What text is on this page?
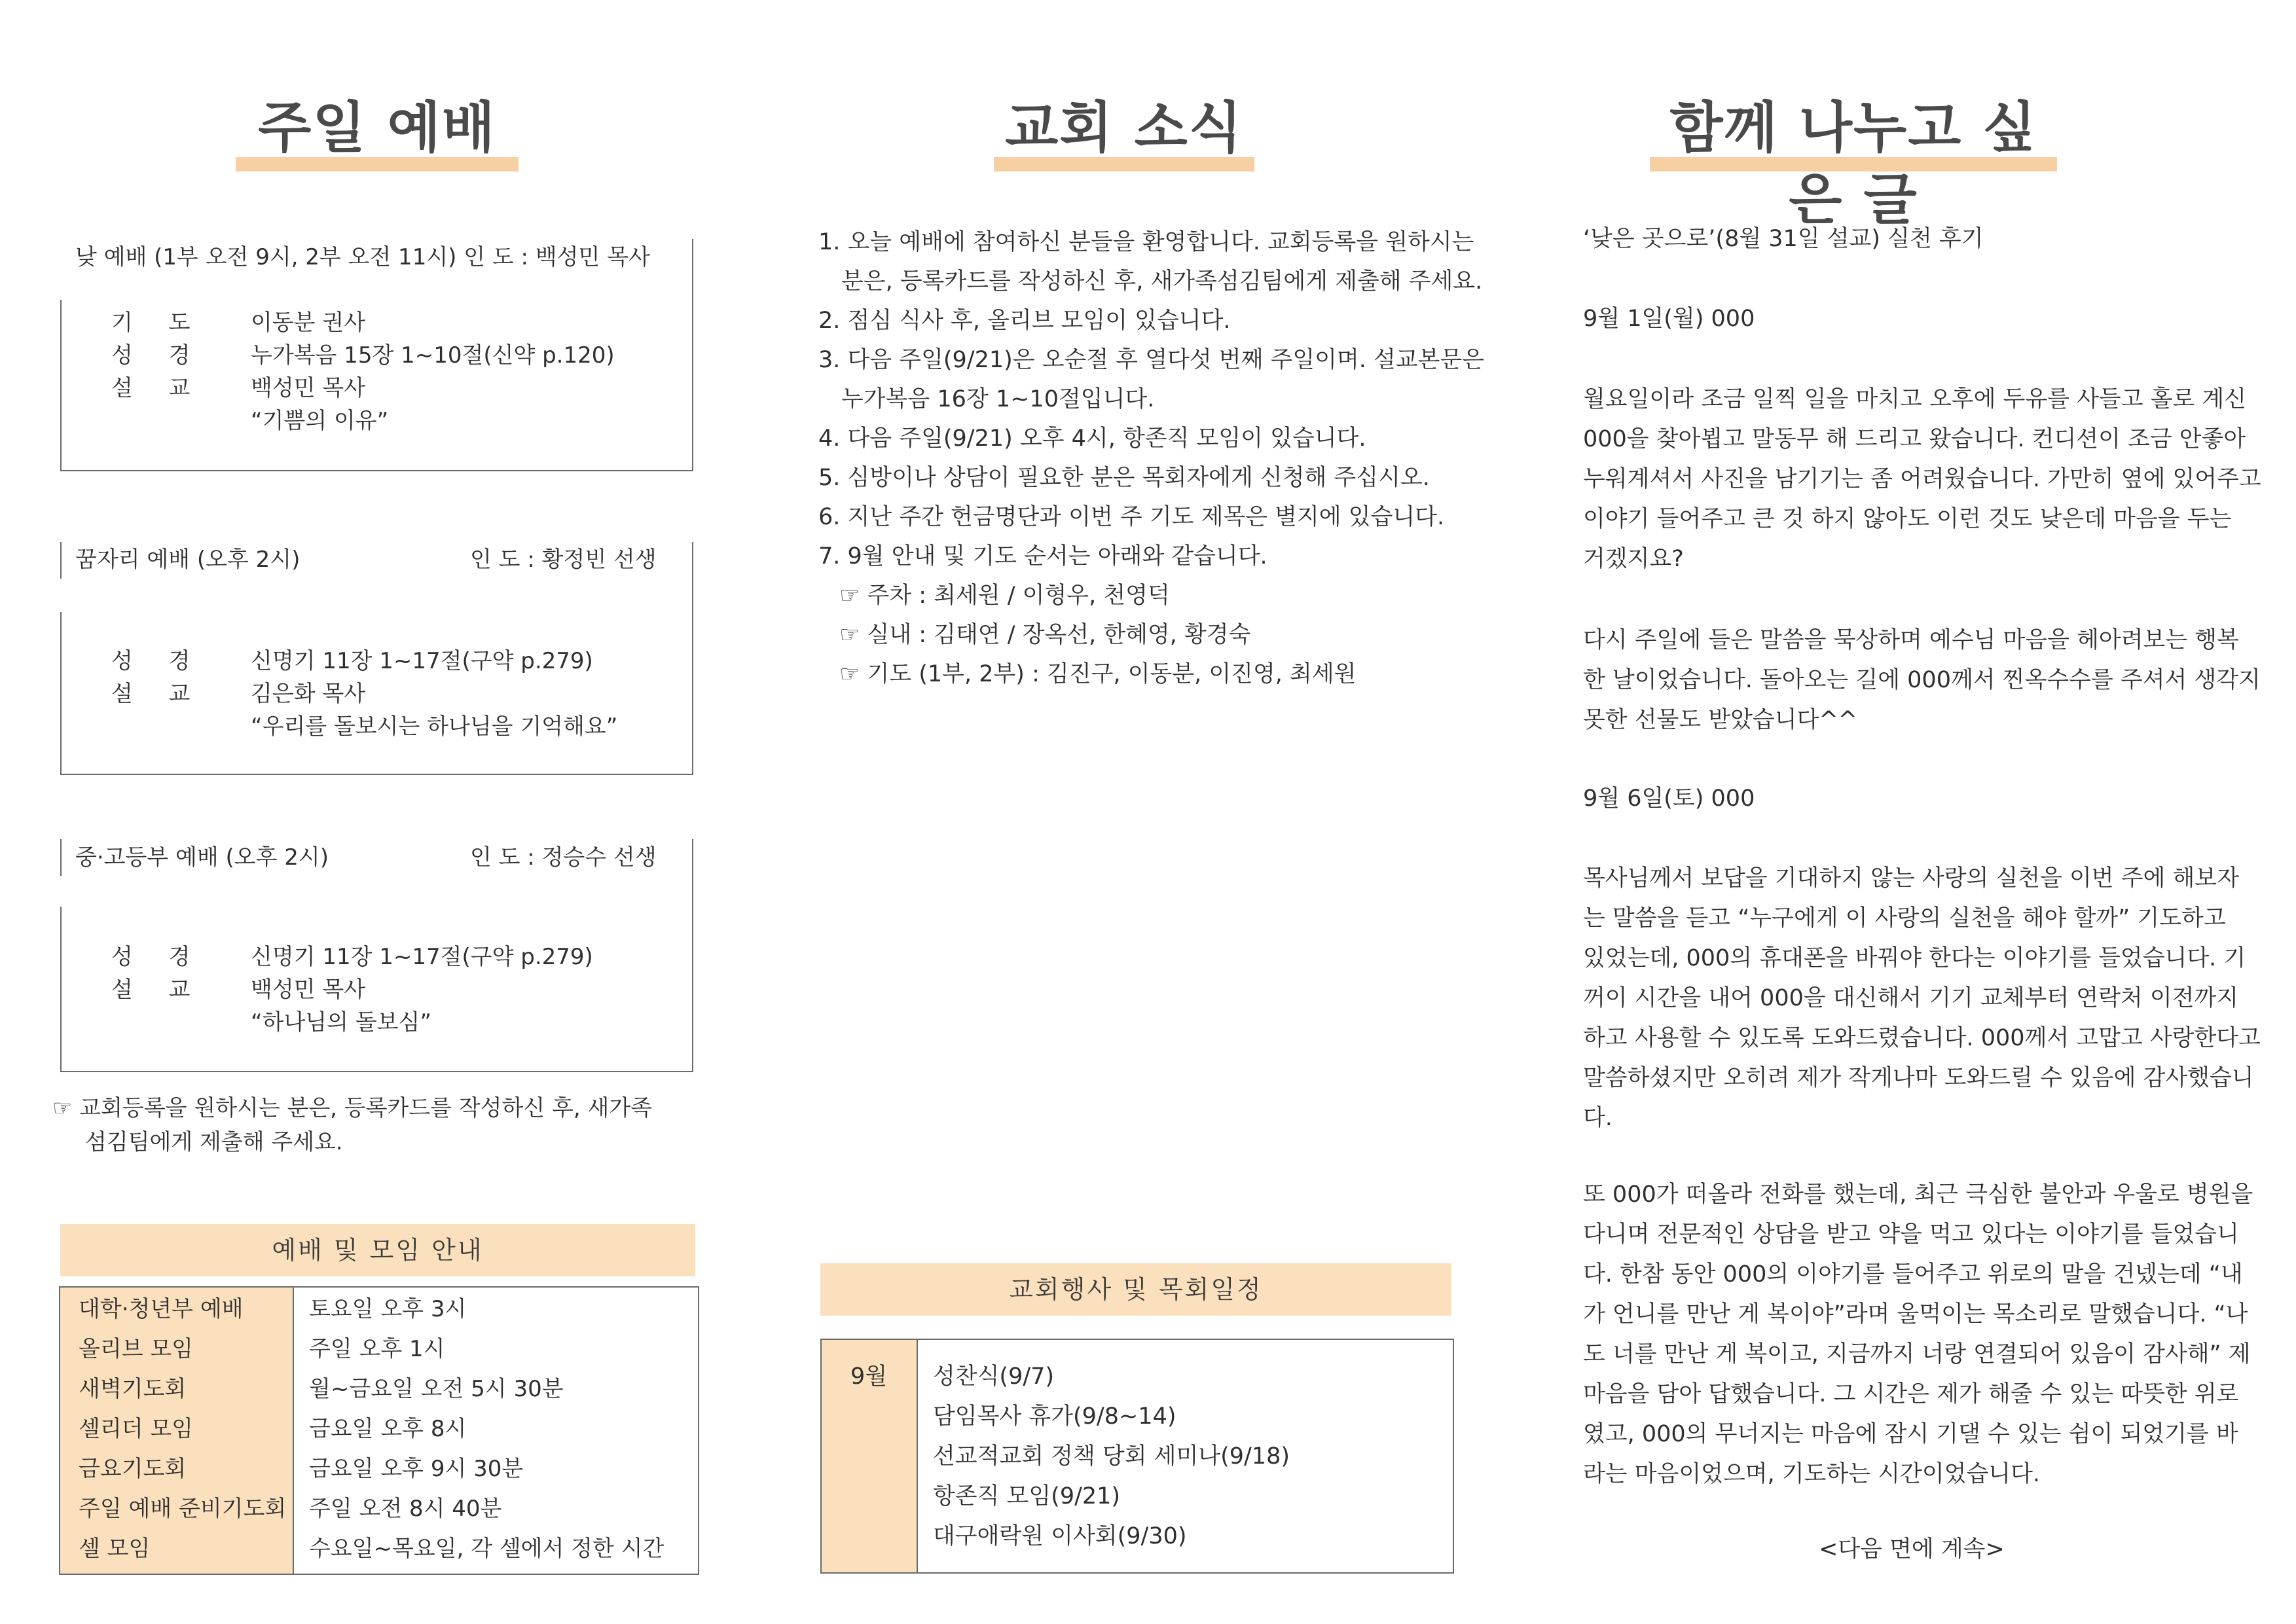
주일 예배
낮 예배 (1부 오전 9시, 2부 오전 11시) 인 도 : 백성민 목사
기 도 이동분 권사
성 경 누가복음 15장 1~10절(신약 p.120)
설 교 백성민 목사
“기쁨의 이유”
꿈자리 예배 (오후 2시)	인 도 : 황정빈 선생
성 경 신명기 11장 1~17절(구약 p.279)
설 교 김은화 목사
“우리를 돌보시는 하나님을 기억해요”
중·고등부 예배 (오후 2시)	인 도 : 정승수 선생
성 경 신명기 11장 1~17절(구약 p.279)
설 교 백성민 목사
“하나님의 돌보심”
☞ 교회등록을 원하시는 분은, 등록카드를 작성하신 후, 새가족
섬김팀에게 제출해 주세요.
예배 및 모임 안내
대학·청년부 예배	토요일 오후 3시
올리브 모임	주일 오후 1시
새벽기도회	월~금요일 오전 5시 30분
셀리더 모임	금요일 오후 8시
금요기도회	금요일 오후 9시 30분
주일 예배 준비기도회 주일 오전 8시 40분
셀 모임	수요일~목요일, 각 셀에서 정한 시간
교회 소식
1. 오늘 예배에 참여하신 분들을 환영합니다. 교회등록을 원하시는
분은, 등록카드를 작성하신 후, 새가족섬김팀에게 제출해 주세요.
2. 점심 식사 후, 올리브 모임이 있습니다.
3. 다음 주일(9/21)은 오순절 후 열다섯 번째 주일이며. 설교본문은
누가복음 16장 1~10절입니다.
4. 다음 주일(9/21) 오후 4시, 항존직 모임이 있습니다.
5. 심방이나 상담이 필요한 분은 목회자에게 신청해 주십시오.
6. 지난 주간 헌금명단과 이번 주 기도 제목은 별지에 있습니다.
7. 9월 안내 및 기도 순서는 아래와 같습니다.
☞ 주차 : 최세원 / 이형우, 천영덕
☞ 실내 : 김태연 / 장옥선, 한혜영, 황경숙
☞ 기도 (1부, 2부) : 김진구, 이동분, 이진영, 최세원
교회행사 및 목회일정
9월 성찬식(9/7)
담임목사 휴가(9/8~14)
선교적교회 정책 당회 세미나(9/18)
항존직 모임(9/21)
대구애락원 이사회(9/30)
함께 나누고 싶은 글
‘낮은 곳으로’(8월 31일 설교) 실천 후기
9월 1일(월) 000
월요일이라 조금 일찍 일을 마치고 오후에 두유를 사들고 홀로 계신
000을 찾아뵙고 말동무 해 드리고 왔습니다. 컨디션이 조금 안좋아
누워계셔서 사진을 남기기는 좀 어려웠습니다. 가만히 옆에 있어주고
이야기 들어주고 큰 것 하지 않아도 이런 것도 낮은데 마음을 두는
거겠지요?
다시 주일에 들은 말씀을 묵상하며 예수님 마음을 헤아려보는 행복
한 날이었습니다. 돌아오는 길에 000께서 찐옥수수를 주셔서 생각지
못한 선물도 받았습니다^^
9월 6일(토) 000
목사님께서 보답을 기대하지 않는 사랑의 실천을 이번 주에 해보자
는 말씀을 듣고 “누구에게 이 사랑의 실천을 해야 할까” 기도하고
있었는데, 000의 휴대폰을 바꿔야 한다는 이야기를 들었습니다. 기
꺼이 시간을 내어 000을 대신해서 기기 교체부터 연락처 이전까지
하고 사용할 수 있도록 도와드렸습니다. 000께서 고맙고 사랑한다고
말씀하셨지만 오히려 제가 작게나마 도와드릴 수 있음에 감사했습니
다.
또 000가 떠올라 전화를 했는데, 최근 극심한 불안과 우울로 병원을
다니며 전문적인 상담을 받고 약을 먹고 있다는 이야기를 들었습니
다. 한참 동안 000의 이야기를 들어주고 위로의 말을 건넸는데 “내
가 언니를 만난 게 복이야”라며 울먹이는 목소리로 말했습니다. “나
도 너를 만난 게 복이고, 지금까지 너랑 연결되어 있음이 감사해” 제
마음을 담아 답했습니다. 그 시간은 제가 해줄 수 있는 따뜻한 위로
였고, 000의 무너지는 마음에 잠시 기댈 수 있는 쉼이 되었기를 바
라는 마음이었으며, 기도하는 시간이었습니다.
<다음 면에 계속>
